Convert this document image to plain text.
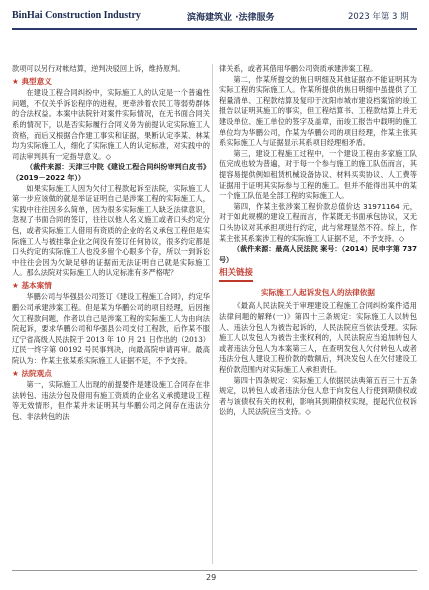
BinHai Construction Industry	滨海建筑业 ·法律服务	2023 年第 3 期

款项可以另行对帐结算，逆判决驳回上诉，维持原判。

★ 典型意义

在建设工程合同纠纷中，实际施工人的认定是一个普遍性问题，不仅关乎诉讼程序的进程，更牵涉着农民工等弱势群体的合法权益。本案中法院针对案件实际情况，在无书面合同关系的情况下，以是否实际履行合同义务为前提认定实际施工人资格，而后又根据合作建工事实和证据，果断认定李某、林某均为实际施工人，细化了实际施工人的认定标准，对实践中的司法审判具有一定指导意义。◇

（裁件来源：天津三中院《建设工程合同纠纷审判白皮书》（2019－2022 年））

如果实际施工人因为欠付工程款起诉至法院，实际施工人第一步应该做的就是举证证明自己是涉案工程的实际施工人，实践中往往因多么简单，因为很多实际施工人缺乏法律意识，忽视了书面合同的签订，往往以他人名义施工或者口头约定分包，或者实际施工人借用有资质的企业的名义承包工程但是实际施工人与被挂靠企业之间没有签订任何协议，很多约定都是口头约定的实际施工人也没多留个心眼多个存，所以一到诉讼中往往会因为欠缺足够的证据而无法证明自己就是实际施工人。那么法院对实际施工人的认定标准有多严格呢？

★ 基本案情

华鹏公司与华强县公司签订《建设工程施工合同》，约定华鹏公司承建涉案工程。但是某为华鹏公司的项目经理，后因拖欠工程款问题，作者以自己是涉案工程的实际施工人为由向法院起诉，要求华鹏公司和华强县公司支付工程款，后作某不服辽宁省高级人民法院于 2013 年 10 月 21 日作出的（2013）辽民一终字第 00192 号民事判决，向最高院申请再审。最高院认为：作某主张某系实际施工人证据不足，不予支持。

★ 法院观点

第一，实际施工人出现的前提要件是建设施工合同存在非法转包、违法分包及借用有施工资质的企业名义承揽建设工程等无效情形，但作某并未证明其与华鹏公司之间存在违法分包、非法转包的法

律关系，或者其借用华鹏公司资质承建涉案工程。

第二，作某所提交的焦日明细及其他证据亦不能证明其为实际工程的实际施工人。作某所提供的焦日明细中虽提供了工程量清单、工程款结算及复印于沈阳市城市建设档案馆的竣工报告以证明其施工的事实，但工程结算书、工程款结算上并无建设单位、施工单位的签字及盖章，而竣工报告中载明的施工单位均为华鹏公司，作某为华鹏公司的项目经理，作某主张其系实际施工人与证据显示其系项目经理相矛盾。

第三，建设工程施工过程中，一个建设工程由多家施工队伍完成也较为普遍，对于每一个参与施工的施工队伍而言，其提容易提供例如租赁机械设备协议、材料买卖协议、人工费等证据用于证明其实际参与工程的施工。但并不能得出其中的某一个施工队伍是全部工程的实际施工人。

第四，作某主张涉案工程价款总值价达 31971164 元，对于如此规模的建设工程而言，作某既无书面承包协议，又无口头协议对其承担项进行约定，此与常理显然不符。综上，作某主张其系案涉工程的实际施工人证据不足，不予支持。◇

（裁件来源：最高人民法院 案号：（2014）民申字第 737 号）

相关链接
实际施工人起诉发包人的法律依据

《最高人民法院关于审理建设工程施工合同纠纷案件适用法律问题的解释(一)》第四十三条规定：实际施工人以转包人、违法分包人为被告起诉的，人民法院应当依法受理。实际施工人以发包人为被告主张权利的，人民法院应当追加转包人或者违法分包人为本案第三人，在查明发包人欠付转包人或者违法分包人建设工程价款的数额后，判决发包人在欠付建设工程价款范围内对实际施工人承担责任。

第四十四条规定：实际施工人依据民法典第五百三十五条规定，以转包人或者违法分包人怠于向发包人行使到期债权或者与该债权有关的权利，影响其到期债权实现，提起代位权诉讼的，人民法院应当支持。◇

29
